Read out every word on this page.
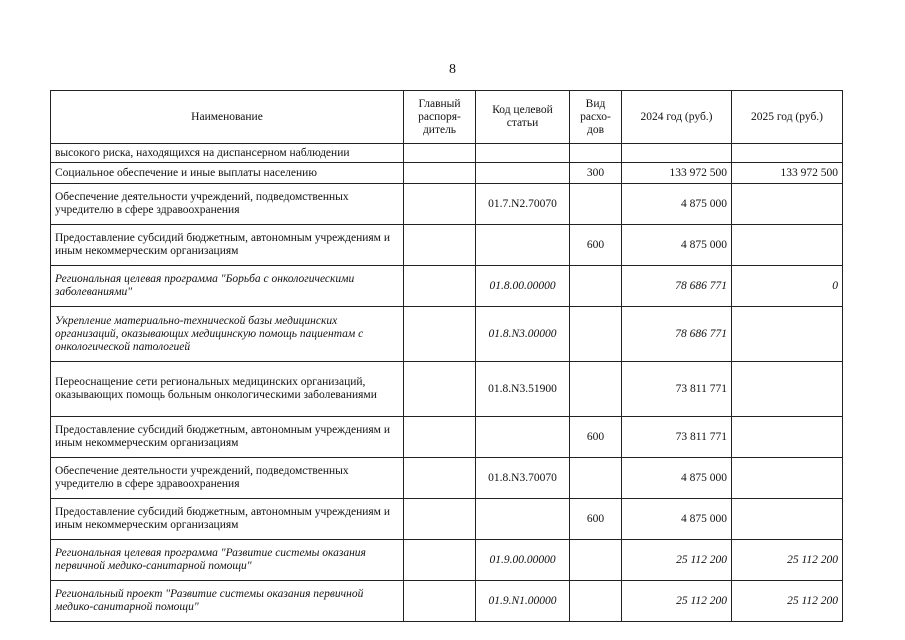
8
Наименование	Главный распоря-дитель	Код целевой статьи	Вид расхо-дов	2024 год (руб.)	2025 год (руб.)
высокого риска, находящихся на диспансерном наблюдении					
Социальное обеспечение и иные выплаты населению			300	133 972 500	133 972 500
Обеспечение деятельности учреждений, подведомственных учредителю в сфере здравоохранения		01.7.N2.70070		4 875 000	
Предоставление субсидий бюджетным, автономным учреждениям и иным некоммерческим организациям			600	4 875 000	
Региональная целевая программа "Борьба с онкологическими заболеваниями"		01.8.00.00000		78 686 771	0
Укрепление материально-технической базы медицинских организаций, оказывающих медицинскую помощь пациентам с онкологической патологией		01.8.N3.00000		78 686 771	
Переоснащение сети региональных медицинских организаций, оказывающих помощь больным онкологическими заболеваниями		01.8.N3.51900		73 811 771	
Предоставление субсидий бюджетным, автономным учреждениям и иным некоммерческим организациям			600	73 811 771	
Обеспечение деятельности учреждений, подведомственных учредителю в сфере здравоохранения		01.8.N3.70070		4 875 000	
Предоставление субсидий бюджетным, автономным учреждениям и иным некоммерческим организациям			600	4 875 000	
Региональная целевая программа "Развитие системы оказания первичной медико-санитарной помощи"		01.9.00.00000		25 112 200	25 112 200
Региональный проект "Развитие системы оказания первичной медико-санитарной помощи"		01.9.N1.00000		25 112 200	25 112 200
